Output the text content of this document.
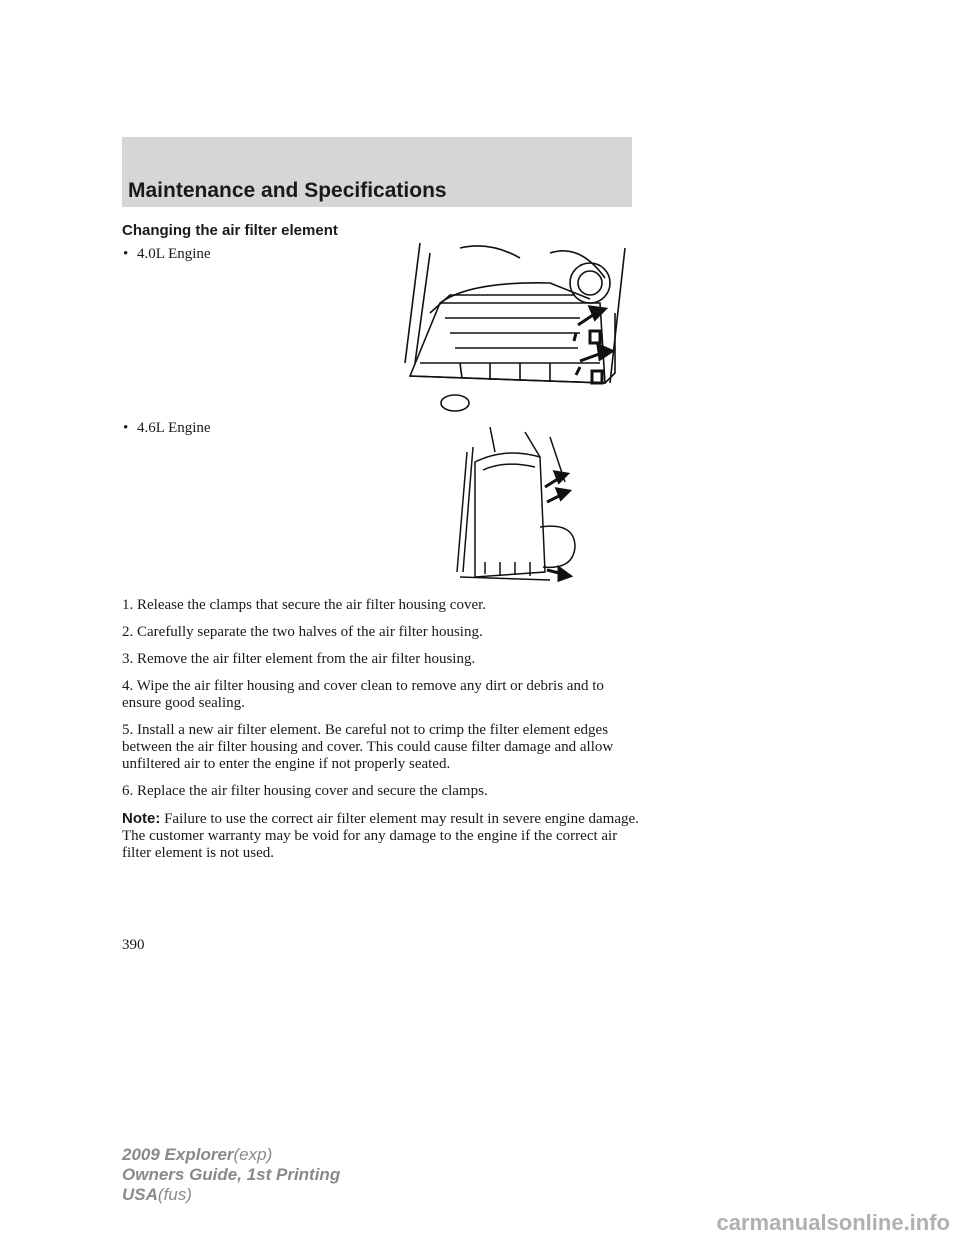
Maintenance and Specifications
Changing the air filter element
• 4.0L Engine
• 4.6L Engine

1. Release the clamps that secure the air filter housing cover.

2. Carefully separate the two halves of the air filter housing.

3. Remove the air filter element from the air filter housing.

4. Wipe the air filter housing and cover clean to remove any dirt or debris and to ensure good sealing.

5. Install a new air filter element. Be careful not to crimp the filter element edges between the air filter housing and cover. This could cause filter damage and allow unfiltered air to enter the engine if not properly seated.

6. Replace the air filter housing cover and secure the clamps.

Note: Failure to use the correct air filter element may result in severe engine damage. The customer warranty may be void for any damage to the engine if the correct air filter element is not used.

390
2009 Explorer(exp)
Owners Guide, 1st Printing
USA(fus)
carmanualsonline.info
